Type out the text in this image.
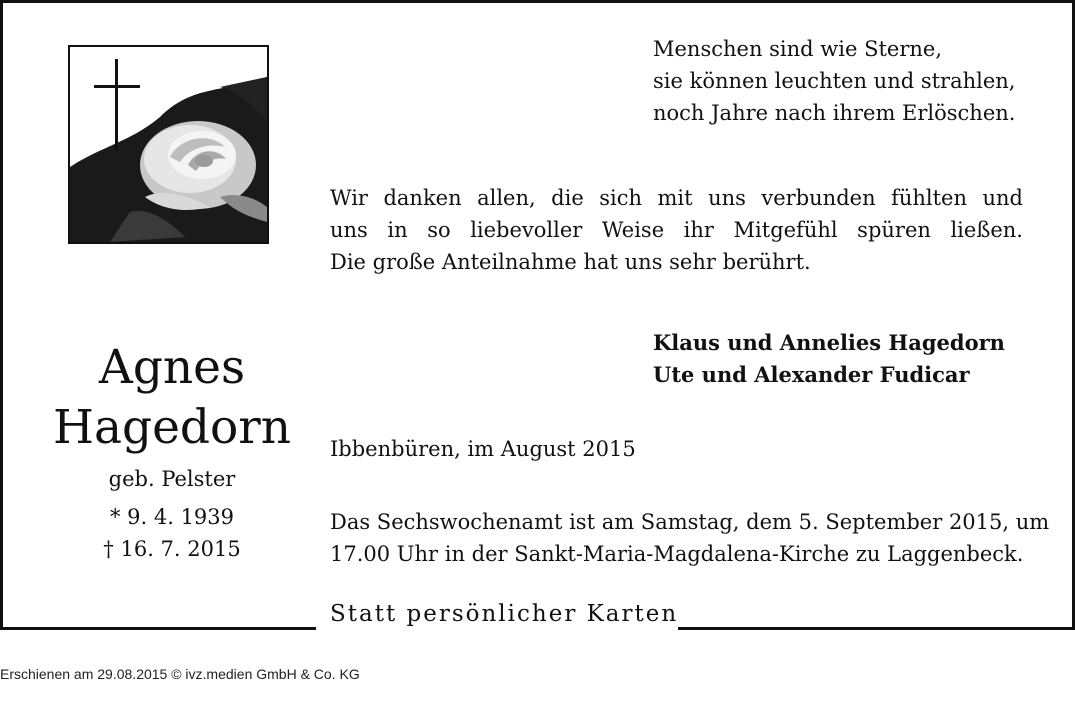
Menschen sind wie Sterne,
sie können leuchten und strahlen,
noch Jahre nach ihrem Erlöschen.
Wir danken allen, die sich mit uns verbunden fühlten und
uns in so liebevoller Weise ihr Mitgefühl spüren ließen.
Die große Anteilnahme hat uns sehr berührt.
Agnes
Hagedorn
geb. Pelster
* 9. 4. 1939
† 16. 7. 2015
Klaus und Annelies Hagedorn
Ute und Alexander Fudicar
Ibbenbüren, im August 2015
Das Sechswochenamt ist am Samstag, dem 5. September 2015, um
17.00 Uhr in der Sankt-Maria-Magdalena-Kirche zu Laggenbeck.
Statt persönlicher Karten
Erschienen am 29.08.2015 © ivz.medien GmbH & Co. KG
